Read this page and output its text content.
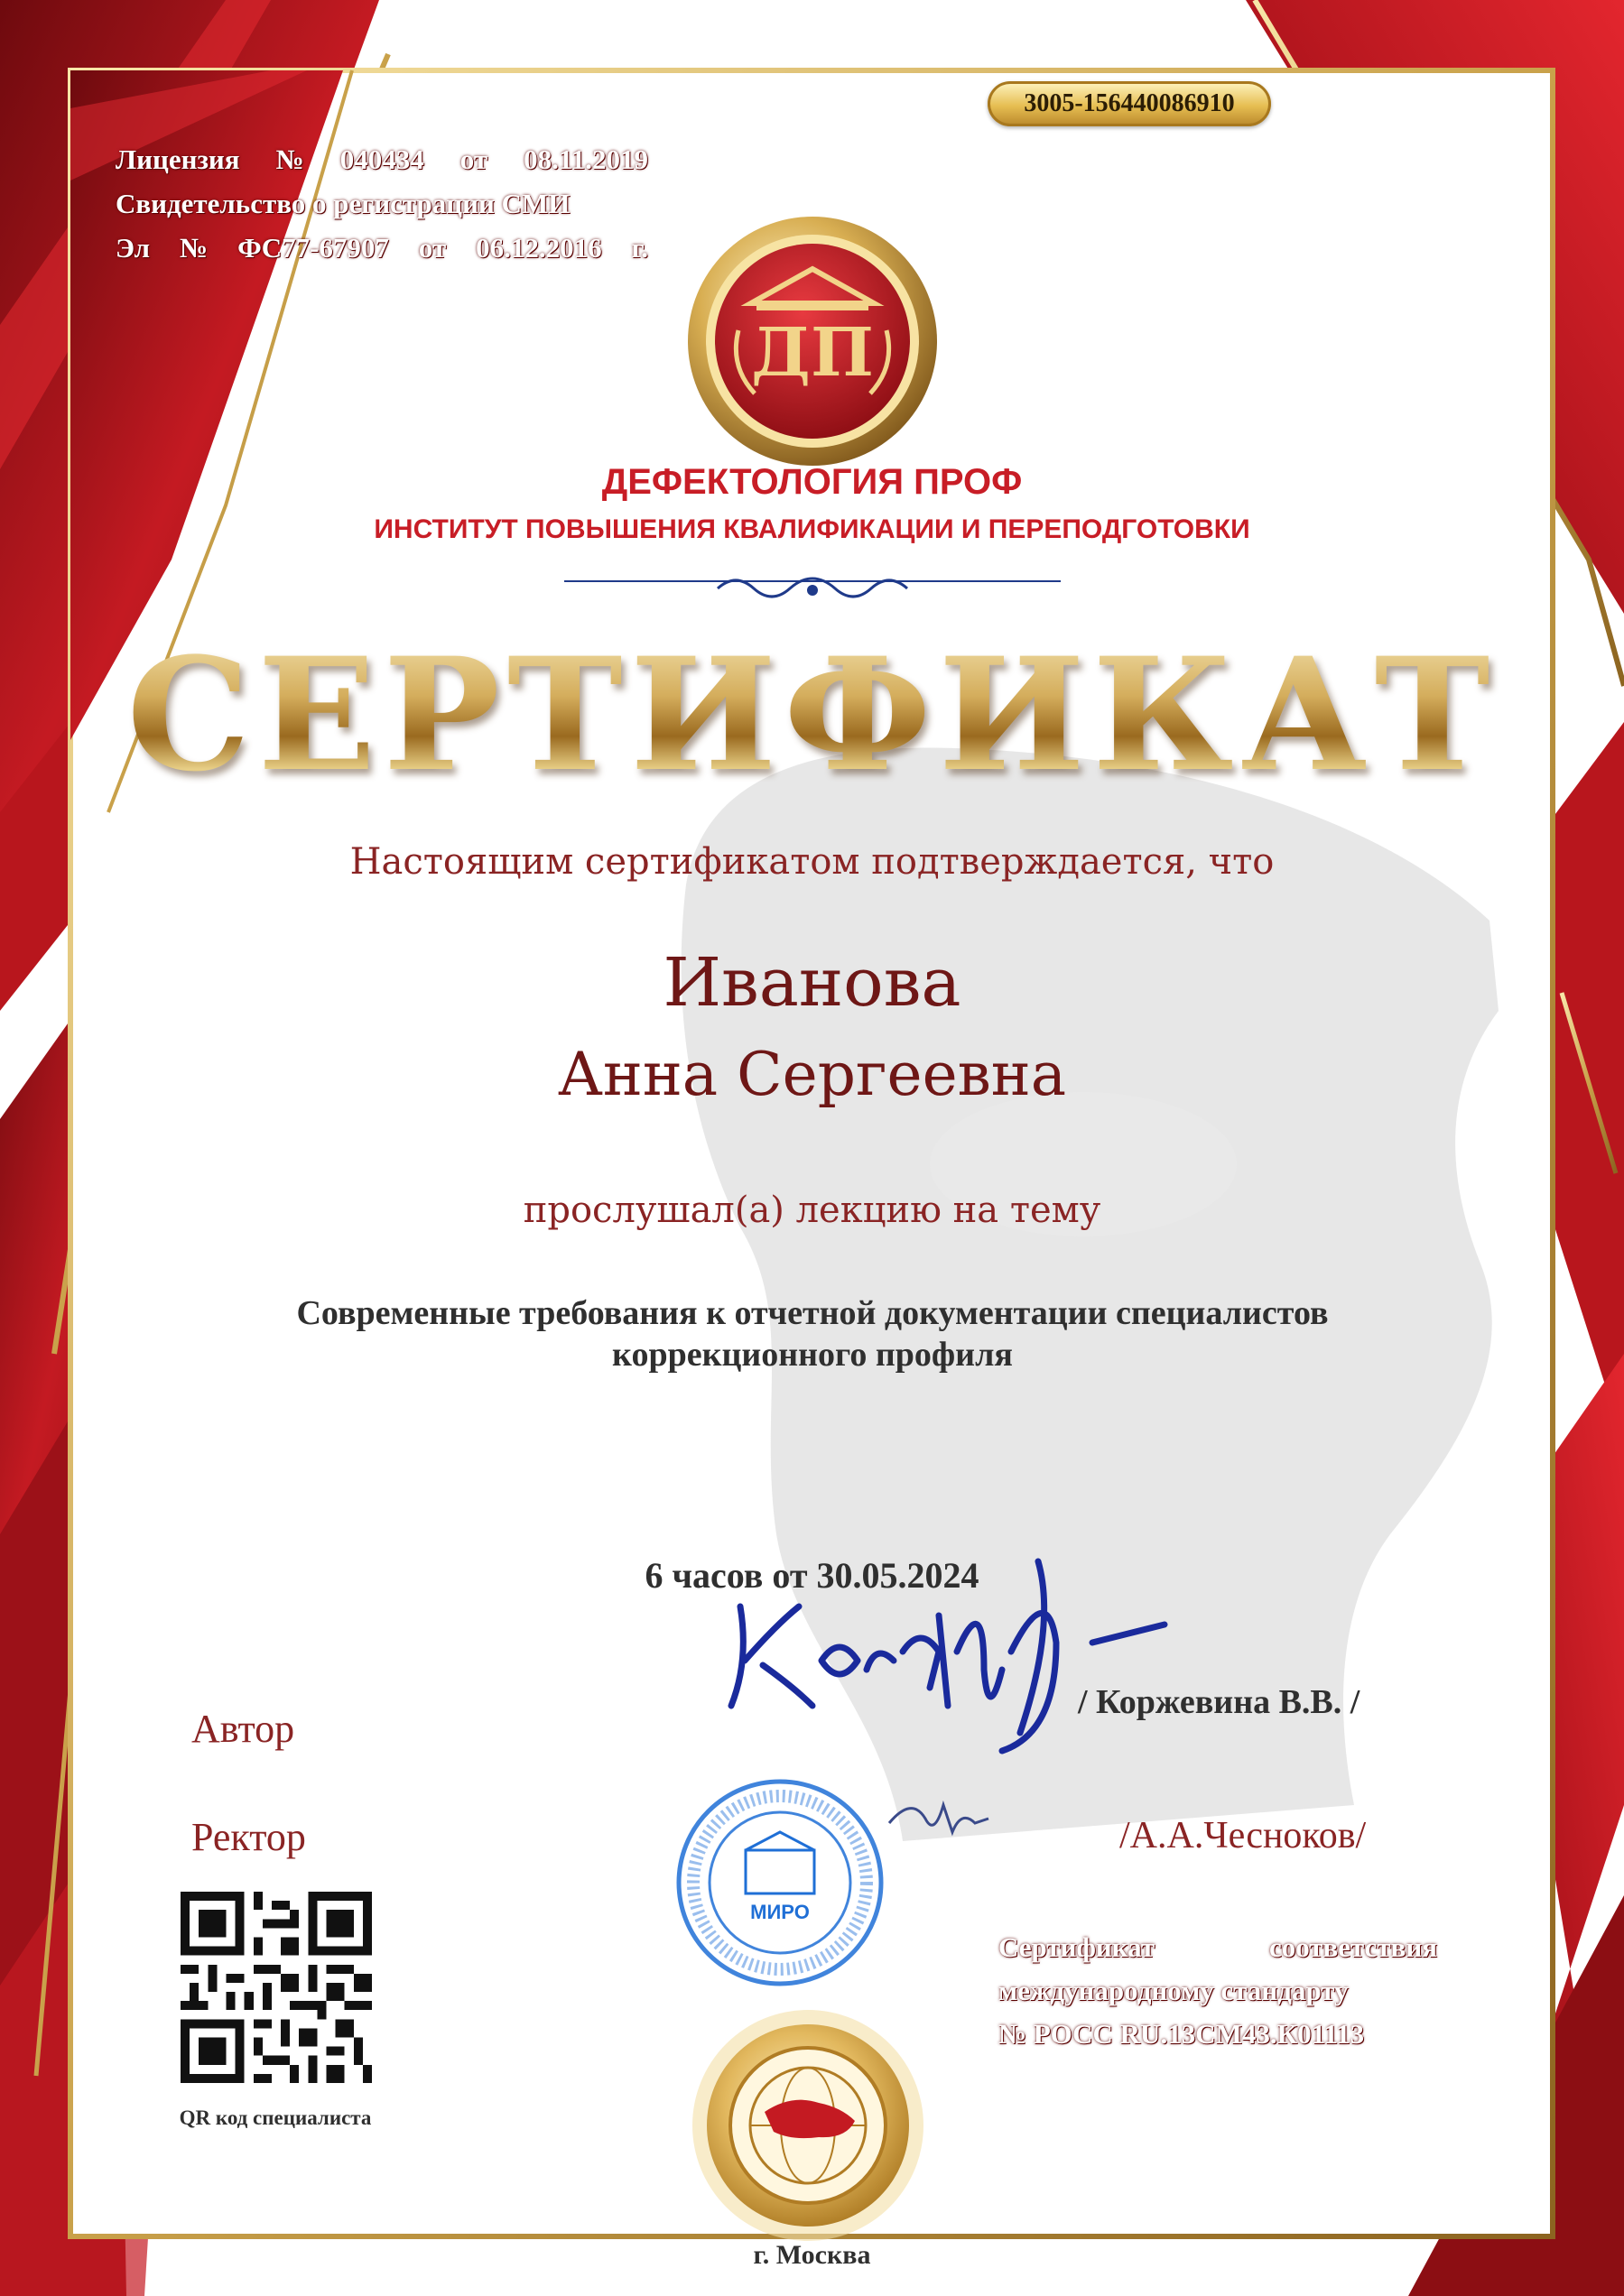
Лицензия № 040434 от 08.11.2019
Свидетельство о регистрации СМИ
Эл № ФС77-67907 от 06.12.2016 г.
3005-156440086910
ДП
ДЕФЕКТОЛОГИЯ ПРОФ
ИНСТИТУТ ПОВЫШЕНИЯ КВАЛИФИКАЦИИ И ПЕРЕПОДГОТОВКИ
СЕРТИФИКАТ
Настоящим сертификатом подтверждается, что
Иванова
Анна Сергеевна
прослушал(а) лекцию на тему
Современные требования к отчетной документации специалистов
коррекционного профиля
6 часов от 30.05.2024
Автор
/ Коржевина В.В. /
Ректор	/А.А.Чесноков/
МИРО
Сертификат	соответствия
международному стандарту
№ РОСС RU.13СМ43.К01113
QR код специалиста
г. Москва
